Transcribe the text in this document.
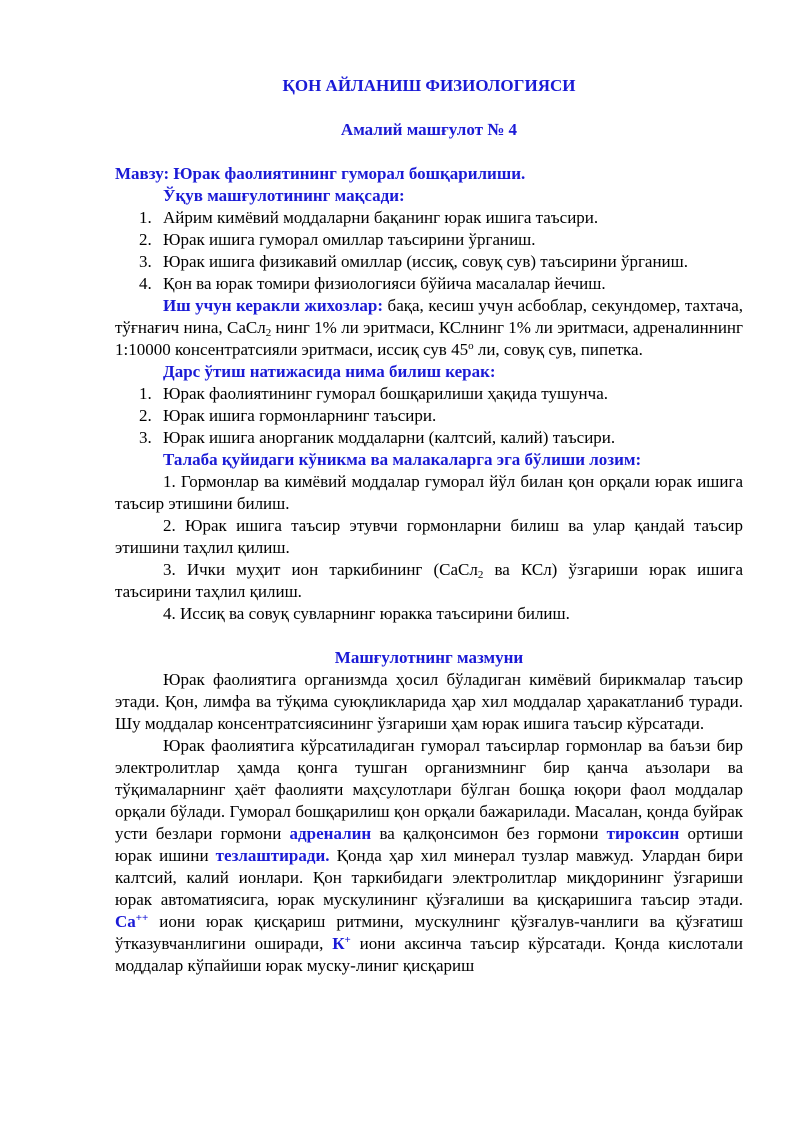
ҚОН АЙЛАНИШ ФИЗИОЛОГИЯСИ

Амалий машғулот № 4

Мавзу: Юрак фаолиятининг гуморал бошқарилиши.

Ўқув машғулотининг мақсади:

1. Айрим кимёвий моддаларни бақанинг юрак ишига таъсири.
2. Юрак ишига гуморал омиллар таъсирини ўрганиш.
3. Юрак ишига физикавий омиллар (иссиқ, совуқ сув) таъсирини ўрганиш.
4. Қон ва юрак томири физиологияси бўйича масалалар йечиш.

Иш учун керакли жихозлар: бақа, кесиш учун асбоблар, секундомер, тахтача, тўғнағич нина, СаСл$_2$ нинг 1% ли эритмаси, КСлнинг 1% ли эритмаси, адреналиннинг 1:10000 консентратсияли эритмаси, иссиқ сув $45^о$ ли, совуқ сув, пипетка.

Дарс ўтиш натижасида нима билиш керак:

1. Юрак фаолиятининг гуморал бошқарилиши ҳақида тушунча.
2. Юрак ишига гормонларнинг таъсири.
3. Юрак ишига анорганик моддаларни (калтсий, калий) таъсири.

Талаба қуйидаги кўникма ва малакаларга эга бўлиши лозим:

1. Гормонлар ва кимёвий моддалар гуморал йўл билан қон орқали юрак ишига таъсир этишини билиш.

2. Юрак ишига таъсир этувчи гормонларни билиш ва улар қандай таъсир этишини таҳлил қилиш.

3. Ички муҳит ион таркибининг (СаСл$_2$ ва КСл) ўзгариши юрак ишига таъсирини таҳлил қилиш.

4. Иссиқ ва совуқ сувларнинг юракка таъсирини билиш.

Машғулотнинг мазмуни

Юрак фаолиятига организмда ҳосил бўладиган кимёвий бирикмалар таъсир этади. Қон, лимфа ва тўқима суюқликларида ҳар хил моддалар ҳаракатланиб туради. Шу моддалар консентратсиясининг ўзгариши ҳам юрак ишига таъсир кўрсатади.

Юрак фаолиятига кўрсатиладиган гуморал таъсирлар гормонлар ва баъзи бир электролитлар ҳамда қонга тушган организмнинг бир қанча аъзолари ва тўқималарнинг ҳаёт фаолияти маҳсулотлари бўлган бошқа юқори фаол моддалар орқали бўлади. Гуморал бошқарилиш қон орқали бажарилади. Масалан, қонда буйрак усти безлари гормони адреналин ва қалқонсимон без гормони тироксин ортиши юрак ишини тезлаштиради. Қонда ҳар хил минерал тузлар мавжуд. Улардан бири калтсий, калий ионлари. Қон таркибидаги электролитлар миқдорининг ўзгариши юрак автоматиясига, юрак мускулининг қўзғалиши ва қисқаришига таъсир этади. Са++ иони юрак қисқариш ритмини, мускулнинг қўзғалув-чанлиги ва қўзғатиш ўтказувчанлигини оширади, К+ иони аксинча таъсир кўрсатади. Қонда кислотали моддалар кўпайиши юрак муску-линиг қисқариш
